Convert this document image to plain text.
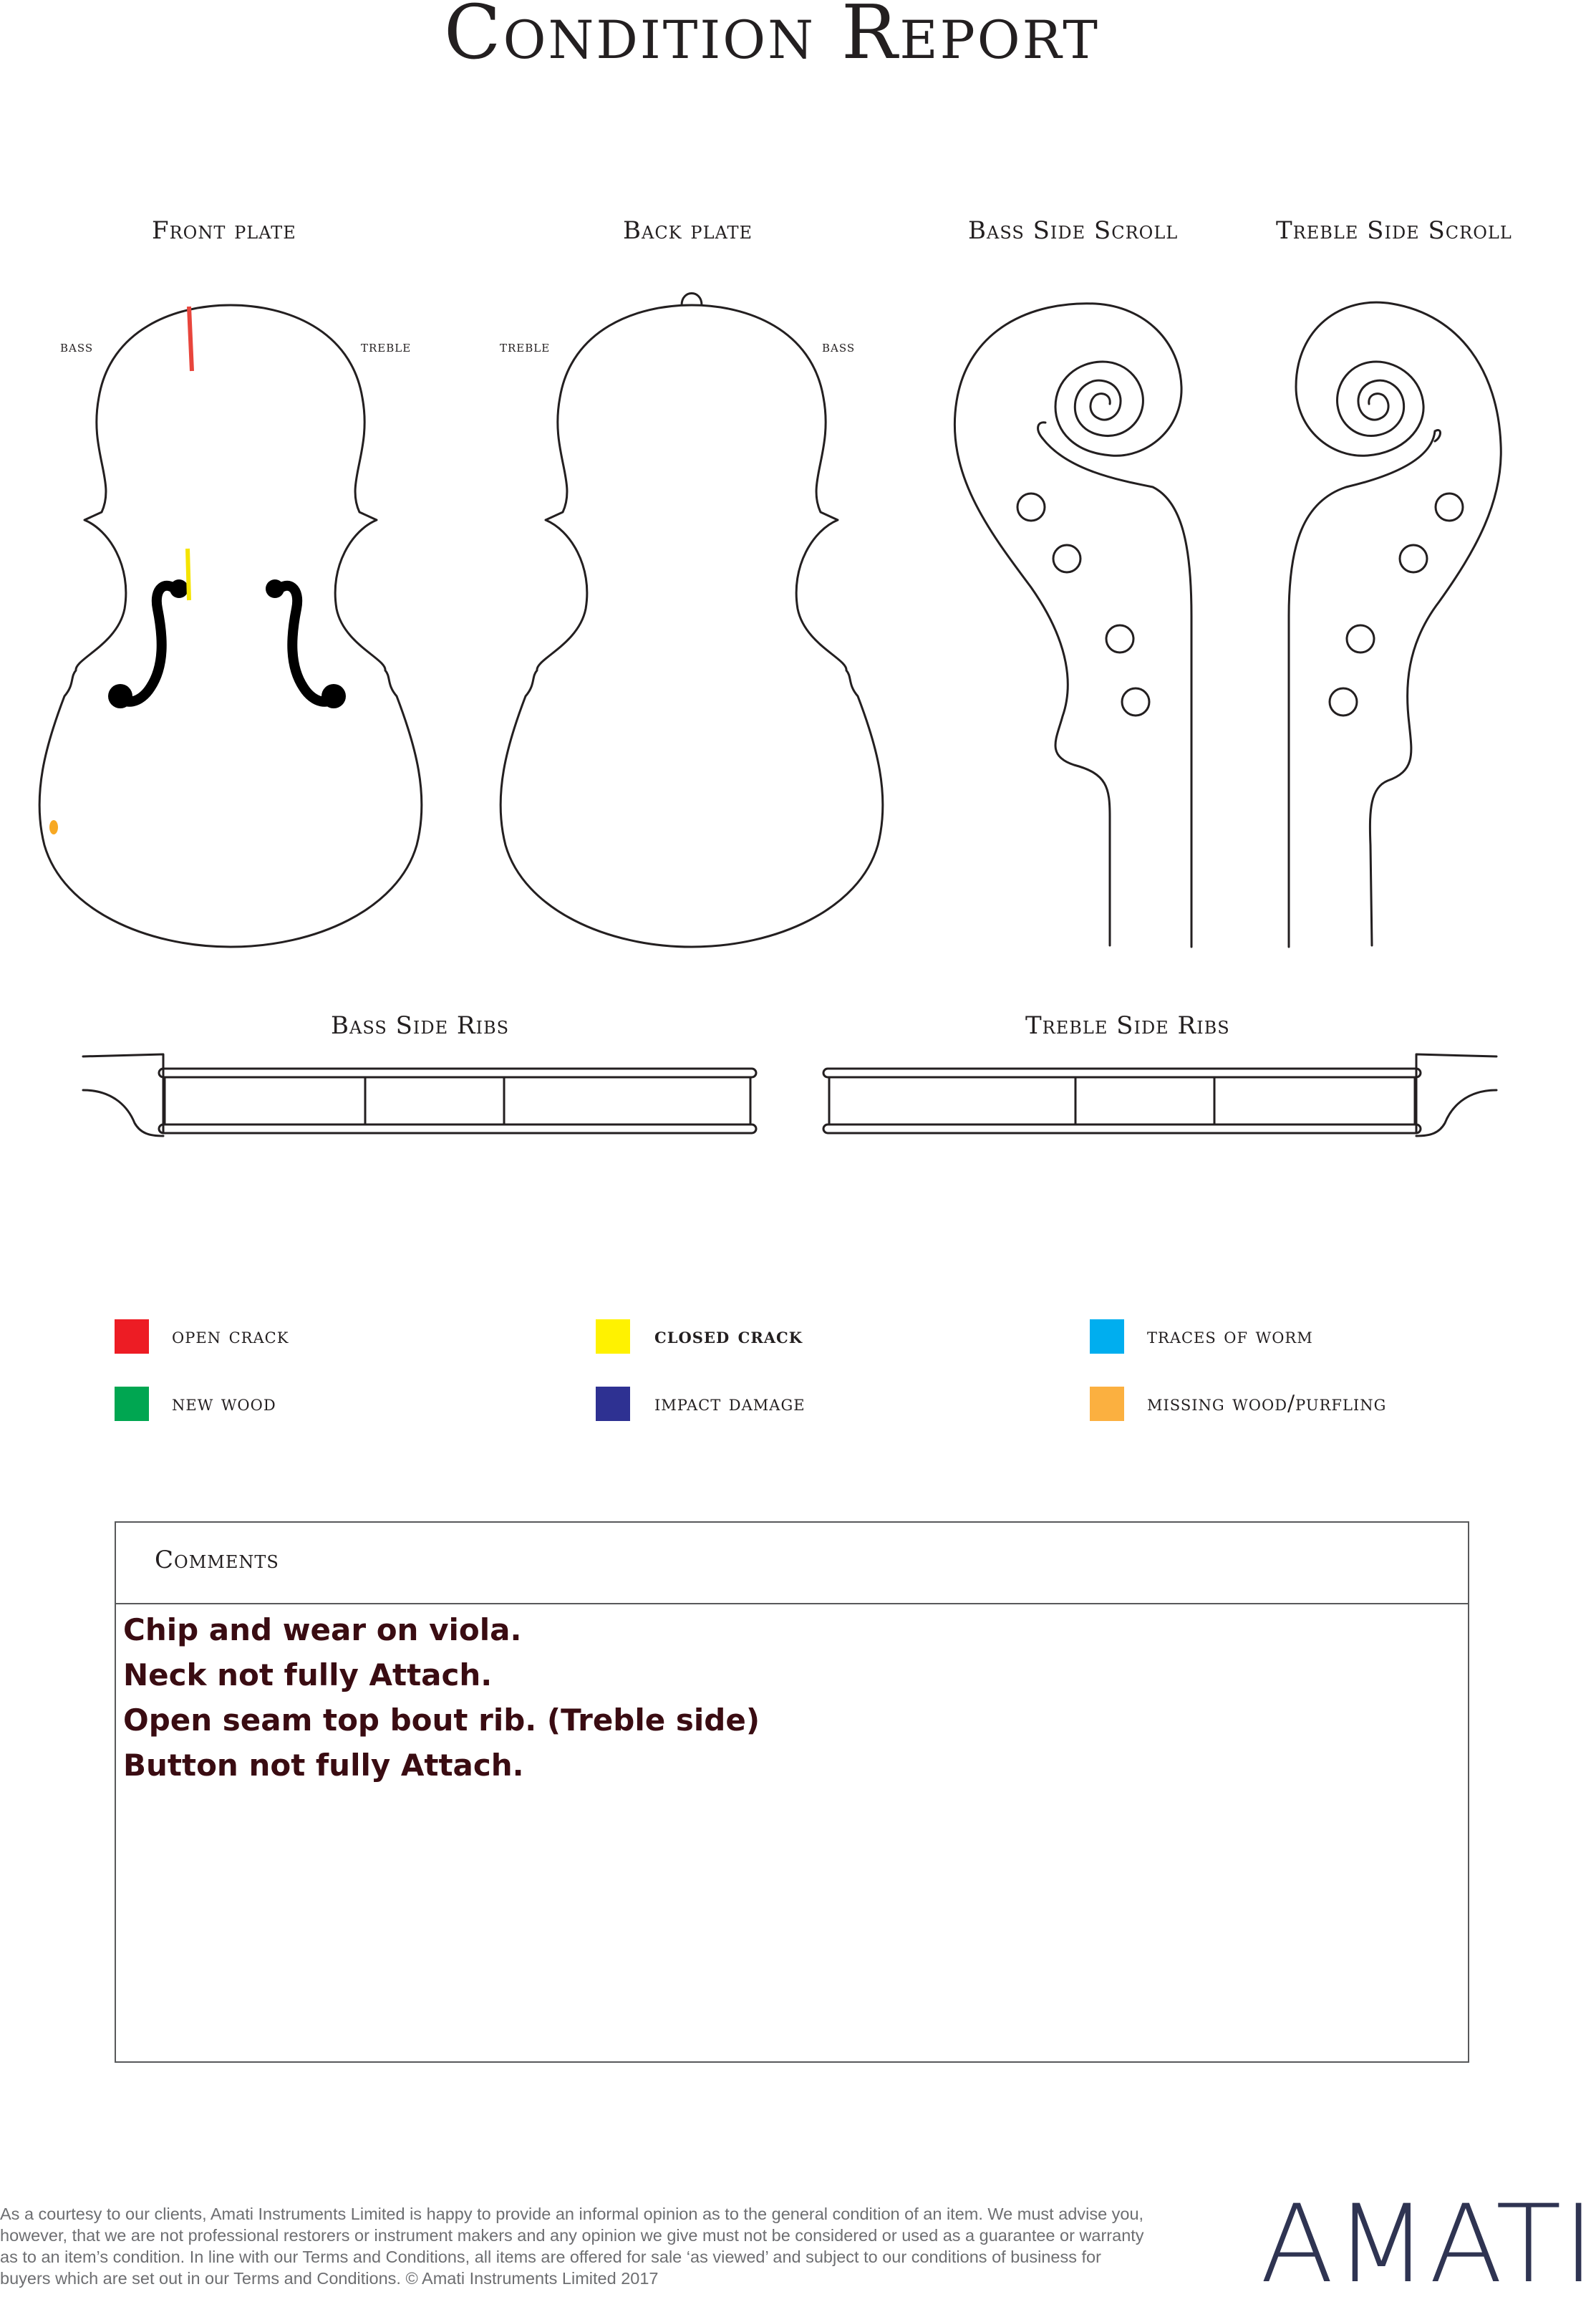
Condition Report
Front plate	Back plate	Bass Side Scroll	Treble Side Scroll
Bass Side Ribs	Treble Side Ribs
bass	treble	treble	bass
open crack	closed crack	traces of worm
new wood	impact damage	missing wood/purfling
Comments
Chip and wear on viola.
Neck not fully Attach.
Open seam top bout rib. (Treble side)
Button not fully Attach.
As a courtesy to our clients, Amati Instruments Limited is happy to provide an informal opinion as to the general condition of an item. We must advise you, however, that we are not professional restorers or instrument makers and any opinion we give must not be considered or used as a guarantee or warranty as to an item’s condition. In line with our Terms and Conditions, all items are offered for sale ‘as viewed’ and subject to our conditions of business for buyers which are set out in our Terms and Conditions. © Amati Instruments Limited 2017	AMATI
